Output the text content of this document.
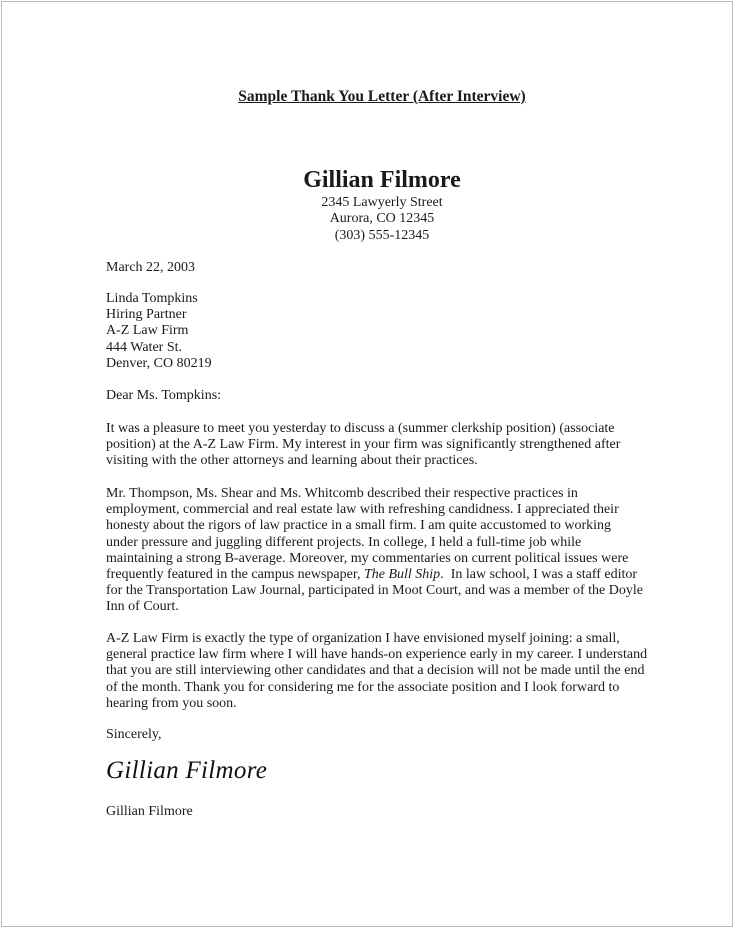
Sample Thank You Letter (After Interview)
Gillian Filmore
2345 Lawyerly Street
Aurora, CO 12345
(303) 555-12345
March 22, 2003
Linda Tompkins
Hiring Partner
A-Z Law Firm
444 Water St.
Denver, CO 80219
Dear Ms. Tompkins:
It was a pleasure to meet you yesterday to discuss a (summer clerkship position) (associate
position) at the A-Z Law Firm. My interest in your firm was significantly strengthened after
visiting with the other attorneys and learning about their practices.
Mr. Thompson, Ms. Shear and Ms. Whitcomb described their respective practices in
employment, commercial and real estate law with refreshing candidness. I appreciated their
honesty about the rigors of law practice in a small firm. I am quite accustomed to working
under pressure and juggling different projects. In college, I held a full-time job while
maintaining a strong B-average. Moreover, my commentaries on current political issues were
frequently featured in the campus newspaper, The Bull Ship.  In law school, I was a staff editor
for the Transportation Law Journal, participated in Moot Court, and was a member of the Doyle
Inn of Court.
A-Z Law Firm is exactly the type of organization I have envisioned myself joining: a small,
general practice law firm where I will have hands-on experience early in my career. I understand
that you are still interviewing other candidates and that a decision will not be made until the end
of the month. Thank you for considering me for the associate position and I look forward to
hearing from you soon.
Sincerely,
Gillian Filmore
Gillian Filmore
